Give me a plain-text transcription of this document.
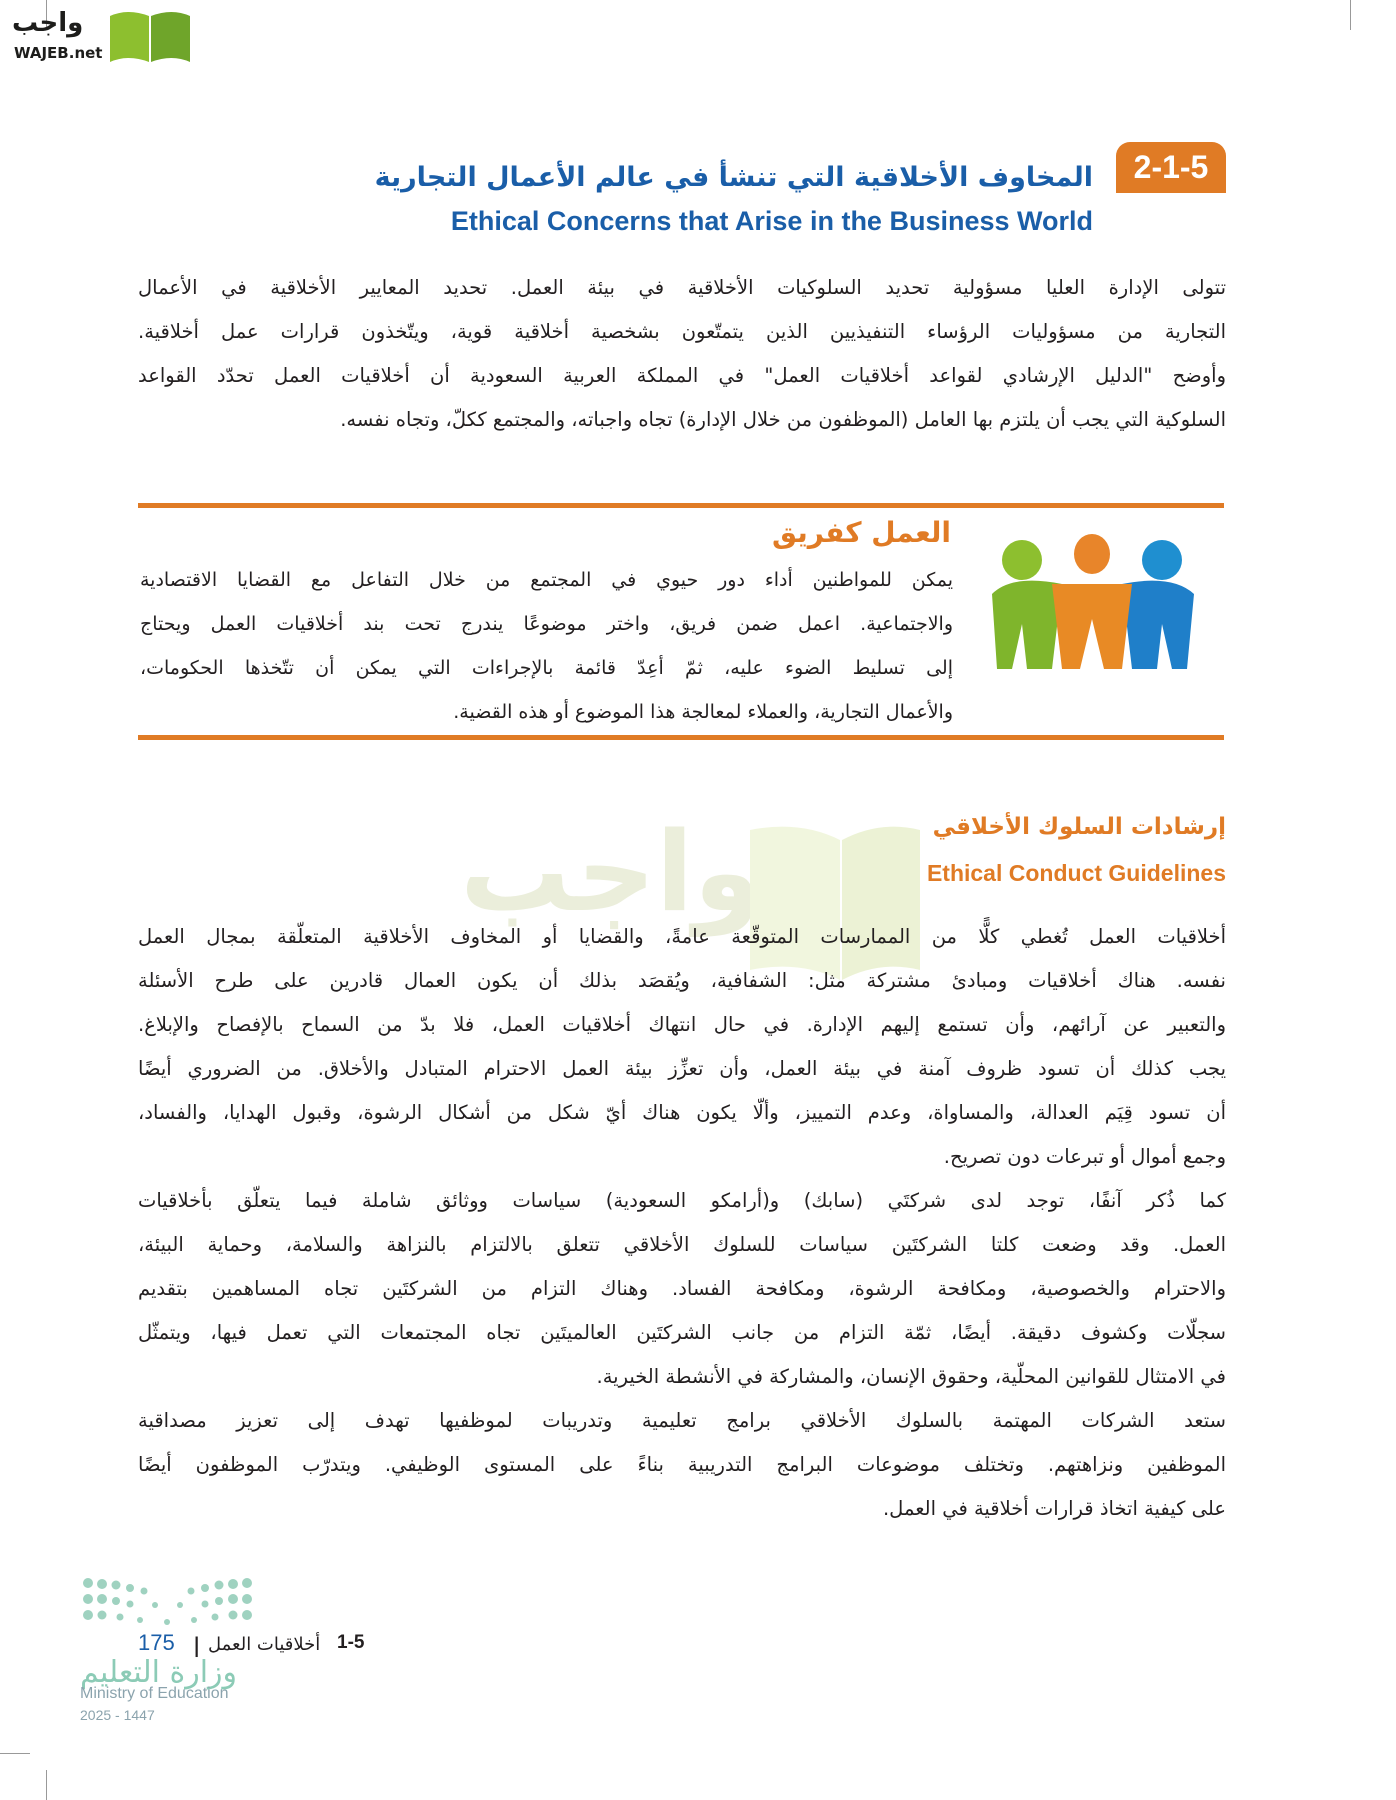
واجب
WAJEB.net
2-1-5
المخاوف الأخلاقية التي تنشأ في عالم الأعمال التجارية
Ethical Concerns that Arise in the Business World
تتولى الإدارة العليا مسؤولية تحديد السلوكيات الأخلاقية في بيئة العمل. تحديد المعايير الأخلاقية في الأعمال
التجارية من مسؤوليات الرؤساء التنفيذيين الذين يتمتّعون بشخصية أخلاقية قوية، ويتّخذون قرارات عمل أخلاقية.
وأوضح "الدليل الإرشادي لقواعد أخلاقيات العمل" في المملكة العربية السعودية أن أخلاقيات العمل تحدّد القواعد
السلوكية التي يجب أن يلتزم بها العامل (الموظفون من خلال الإدارة) تجاه واجباته، والمجتمع ككلّ، وتجاه نفسه.
العمل كفريق
يمكن للمواطنين أداء دور حيوي في المجتمع من خلال التفاعل مع القضايا الاقتصادية
والاجتماعية. اعمل ضمن فريق، واختر موضوعًا يندرج تحت بند أخلاقيات العمل ويحتاج
إلى تسليط الضوء عليه، ثمّ أعِدّ قائمة بالإجراءات التي يمكن أن تتّخذها الحكومات،
والأعمال التجارية، والعملاء لمعالجة هذا الموضوع أو هذه القضية.
واجب	إرشادات السلوك الأخلاقي
Ethical Conduct Guidelines
أخلاقيات العمل تُغطي كلًّا من الممارسات المتوقّعة عامةً، والقضايا أو المخاوف الأخلاقية المتعلّقة بمجال العمل
نفسه. هناك أخلاقيات ومبادئ مشتركة مثل: الشفافية، ويُقصَد بذلك أن يكون العمال قادرين على طرح الأسئلة
والتعبير عن آرائهم، وأن تستمع إليهم الإدارة. في حال انتهاك أخلاقيات العمل، فلا بدّ من السماح بالإفصاح والإبلاغ.
يجب كذلك أن تسود ظروف آمنة في بيئة العمل، وأن تعزِّز بيئة العمل الاحترام المتبادل والأخلاق. من الضروري أيضًا
أن تسود قِيَم العدالة، والمساواة، وعدم التمييز، وألّا يكون هناك أيّ شكل من أشكال الرشوة، وقبول الهدايا، والفساد،
وجمع أموال أو تبرعات دون تصريح.
كما ذُكر آنفًا، توجد لدى شركتَي (سابك) و(أرامكو السعودية) سياسات ووثائق شاملة فيما يتعلّق بأخلاقيات
العمل. وقد وضعت كلتا الشركتَين سياسات للسلوك الأخلاقي تتعلق بالالتزام بالنزاهة والسلامة، وحماية البيئة،
والاحترام والخصوصية، ومكافحة الرشوة، ومكافحة الفساد. وهناك التزام من الشركتَين تجاه المساهمين بتقديم
سجلّات وكشوف دقيقة. أيضًا، ثمّة التزام من جانب الشركتَين العالميتَين تجاه المجتمعات التي تعمل فيها، ويتمثّل
في الامتثال للقوانين المحلّية، وحقوق الإنسان، والمشاركة في الأنشطة الخيرية.
ستعد الشركات المهتمة بالسلوك الأخلاقي برامج تعليمية وتدريبات لموظفيها تهدف إلى تعزيز مصداقية
الموظفين ونزاهتهم. وتختلف موضوعات البرامج التدريبية بناءً على المستوى الوظيفي. ويتدرّب الموظفون أيضًا
على كيفية اتخاذ قرارات أخلاقية في العمل.
175 | أخلاقيات العمل 1-5
وزارة التعليم
Ministry of Education
2025 - 1447
